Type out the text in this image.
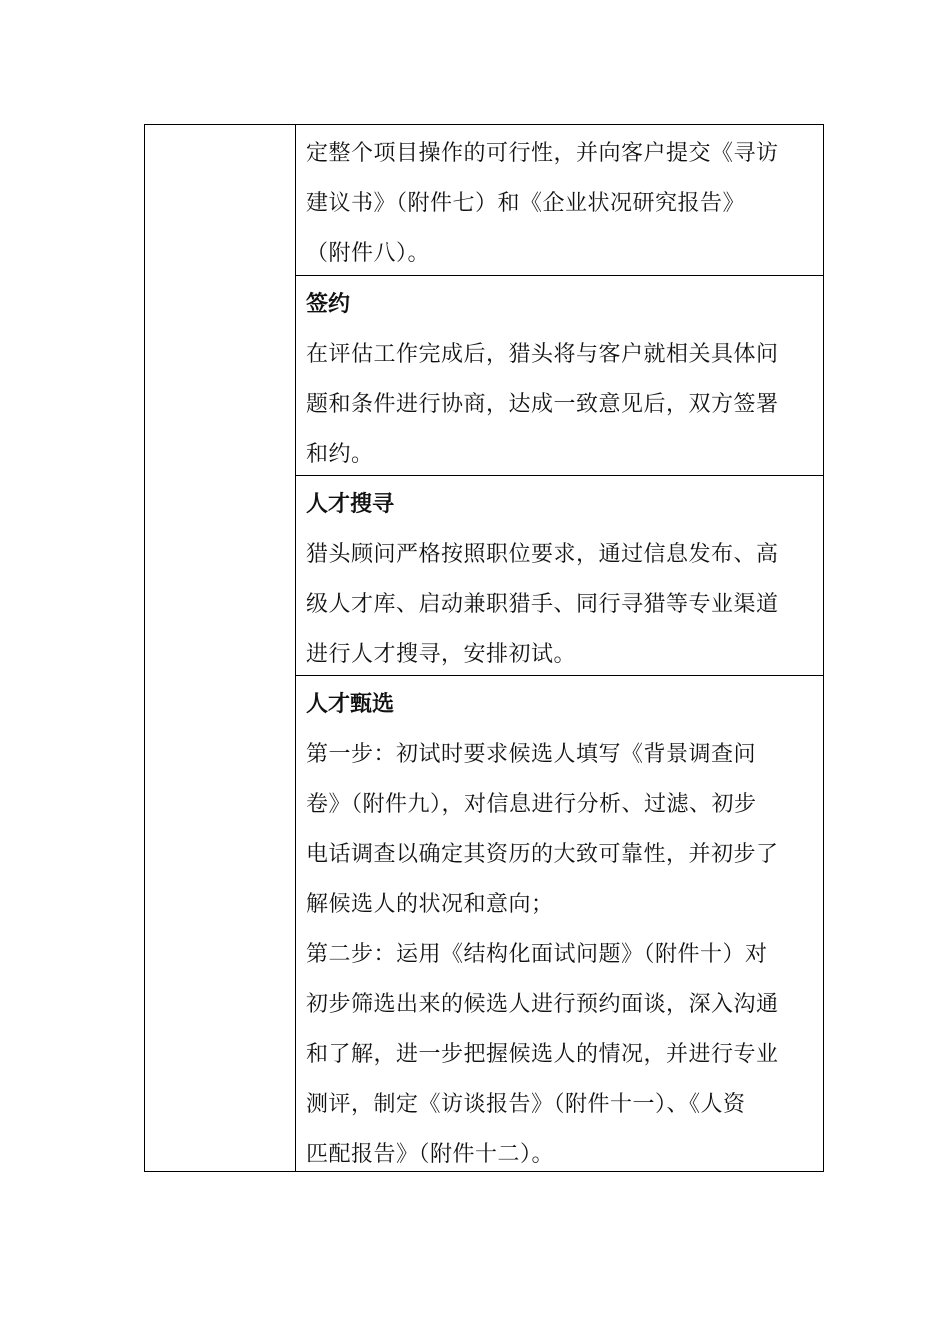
定整个项目操作的可行性，并向客户提交《寻访
建议书》（附件七）和《企业状况研究报告》
（附件八）。
签约
在评估工作完成后，猎头将与客户就相关具体问
题和条件进行协商，达成一致意见后，双方签署
和约。
人才搜寻
猎头顾问严格按照职位要求，通过信息发布、高
级人才库、启动兼职猎手、同行寻猎等专业渠道
进行人才搜寻，安排初试。
人才甄选
第一步：初试时要求候选人填写《背景调查问
卷》（附件九），对信息进行分析、过滤、初步
电话调查以确定其资历的大致可靠性，并初步了
解候选人的状况和意向；
第二步：运用《结构化面试问题》（附件十）对
初步筛选出来的候选人进行预约面谈，深入沟通
和了解，进一步把握候选人的情况，并进行专业
测评，制定《访谈报告》（附件十一）、《人资
匹配报告》（附件十二）。
